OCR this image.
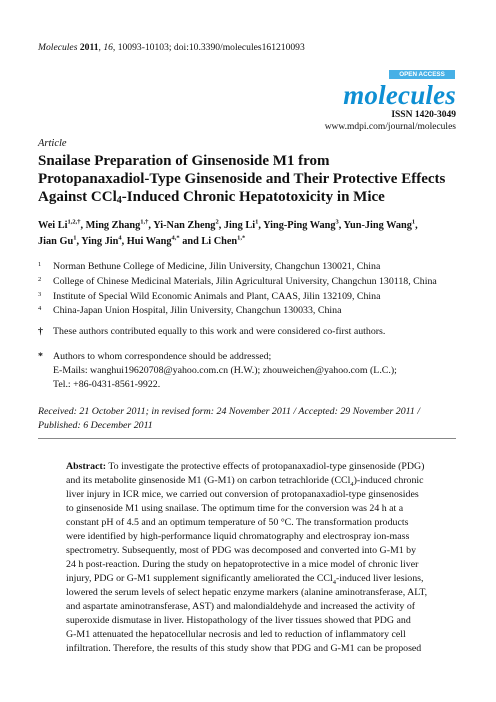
Molecules 2011, 16, 10093-10103; doi:10.3390/molecules161210093
OPEN ACCESS
molecules
ISSN 1420-3049
www.mdpi.com/journal/molecules
Article
Snailase Preparation of Ginsenoside M1 from
Protopanaxadiol-Type Ginsenoside and Their Protective Effects
Against CCl$_4$-Induced Chronic Hepatotoxicity in Mice
Wei $Li^{1,2,\dagger}$, Ming Zhang$^{1,\dagger}$, Yi-Nan Zheng$^2$, Jing Li$^1$, Ying-Ping Wang$^3$, Yun-Jing Wang$^1$,
Jian Gu$^1$, Ying Jin$^4$, Hui Wang$^{4,*}$ and Li Chen$^{1,*}$
1 Norman Bethune College of Medicine, Jilin University, Changchun 130021, China
2 College of Chinese Medicinal Materials, Jilin Agricultural University, Changchun 130118, China
3 Institute of Special Wild Economic Animals and Plant, CAAS, Jilin 132109, China
4 China-Japan Union Hospital, Jilin University, Changchun 130033, China
† These authors contributed equally to this work and were considered co-first authors.
* Authors to whom correspondence should be addressed;
E-Mails: wanghui19620708@yahoo.com.cn (H.W.); zhouweichen@yahoo.com (L.C.);
Tel.: +86-0431-8561-9922.
Received: 21 October 2011; in revised form: 24 November 2011 / Accepted: 29 November 2011 /
Published: 6 December 2011
Abstract: To investigate the protective effects of protopanaxadiol-type ginsenoside (PDG)
and its metabolite ginsenoside M1 (G-M1) on carbon tetrachloride (CCl$_4$)-induced chronic
liver injury in ICR mice, we carried out conversion of protopanaxadiol-type ginsenosides
to ginsenoside M1 using snailase. The optimum time for the conversion was 24 h at a
constant pH of 4.5 and an optimum temperature of 50 °C. The transformation products
were identified by high-performance liquid chromatography and electrospray ion-mass
spectrometry. Subsequently, most of PDG was decomposed and converted into G-M1 by
24 h post-reaction. During the study on hepatoprotective in a mice model of chronic liver
injury, PDG or G-M1 supplement significantly ameliorated the CCl$_4$-induced liver lesions,
lowered the serum levels of select hepatic enzyme markers (alanine aminotransferase, ALT,
and aspartate aminotransferase, AST) and malondialdehyde and increased the activity of
superoxide dismutase in liver. Histopathology of the liver tissues showed that PDG and
G-M1 attenuated the hepatocellular necrosis and led to reduction of inflammatory cell
infiltration. Therefore, the results of this study show that PDG and G-M1 can be proposed
